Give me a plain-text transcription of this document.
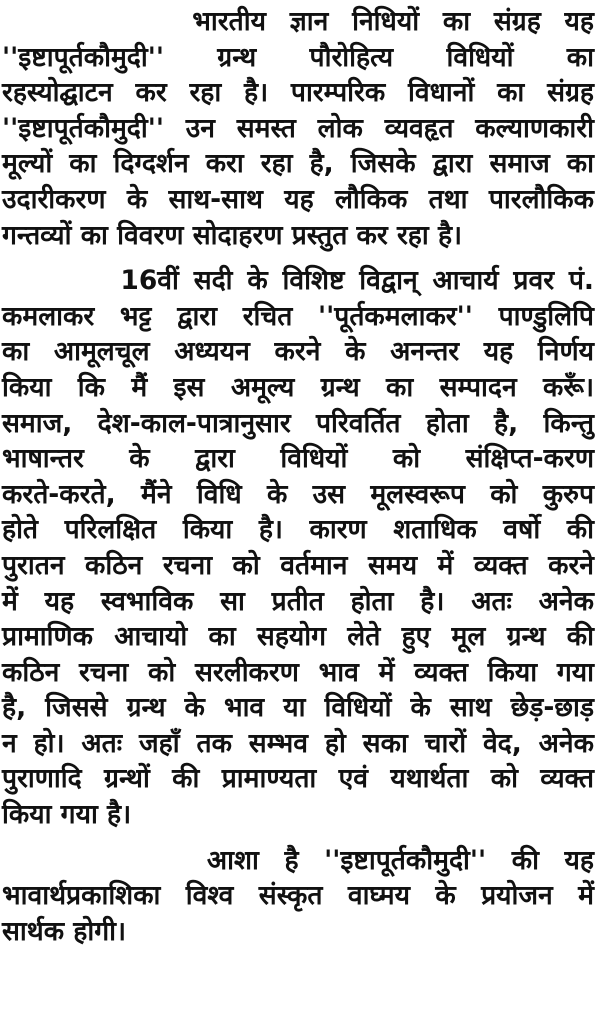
भारतीय ज्ञान निधियों का संग्रह यह
''इष्टापूर्तकौमुदी'' ग्रन्थ पौरोहित्य विधियों का
रहस्योद्घाटन कर रहा है। पारम्परिक विधानों का संग्रह
''इष्टापूर्तकौमुदी'' उन समस्त लोक व्यवहृत कल्याणकारी
मूल्यों का दिग्दर्शन करा रहा है, जिसके द्वारा समाज का
उदारीकरण के साथ-साथ यह लौकिक तथा पारलौकिक
गन्तव्यों का विवरण सोदाहरण प्रस्तुत कर रहा है।
16वीं सदी के विशिष्ट विद्वान् आचार्य प्रवर पं.
कमलाकर भट्ट द्वारा रचित ''पूर्तकमलाकर'' पाण्डुलिपि
का आमूलचूल अध्ययन करने के अनन्तर यह निर्णय
किया कि मैं इस अमूल्य ग्रन्थ का सम्पादन करूँ।
समाज, देश-काल-पात्रानुसार परिवर्तित होता है, किन्तु
भाषान्तर के द्वारा विधियों को संक्षिप्त-करण
करते-करते, मैंने विधि के उस मूलस्वरूप को कुरुप
होते परिलक्षित किया है। कारण शताधिक वर्षो की
पुरातन कठिन रचना को वर्तमान समय में व्यक्त करने
में यह स्वभाविक सा प्रतीत होता है। अतः अनेक
प्रामाणिक आचायो का सहयोग लेते हुए मूल ग्रन्थ की
कठिन रचना को सरलीकरण भाव में व्यक्त किया गया
है, जिससे ग्रन्थ के भाव या विधियों के साथ छेड़-छाड़
न हो। अतः जहाँ तक सम्भव हो सका चारों वेद, अनेक
पुराणादि ग्रन्थों की प्रामाण्यता एवं यथार्थता को व्यक्त
किया गया है।
आशा है ''इष्टापूर्तकौमुदी'' की यह
भावार्थप्रकाशिका विश्व संस्कृत वाघ्मय के प्रयोजन में
सार्थक होगी।
